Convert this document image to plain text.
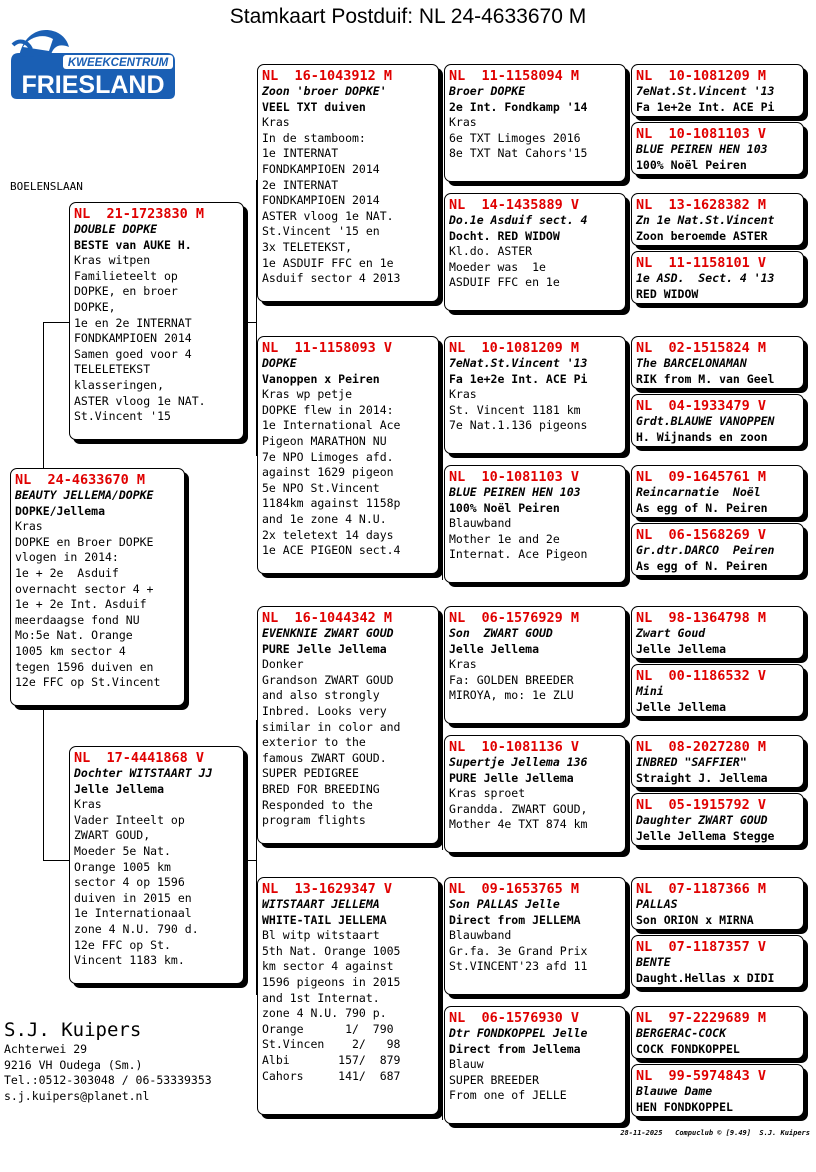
Stamkaart Postduif: NL 24-4633670 M
KWEEKCENTRUM
FRIESLAND
BOELENSLAAN
NL  24-4633670 M
BEAUTY JELLEMA/DOPKE
DOPKE/Jellema
Kras
DOPKE en Broer DOPKE
vlogen in 2014:
1e + 2e  Asduif
overnacht sector 4 +
1e + 2e Int. Asduif
meerdaagse fond NU
Mo:5e Nat. Orange
1005 km sector 4
tegen 1596 duiven en
12e FFC op St.Vincent
NL  21-1723830 M
DOUBLE DOPKE
BESTE van AUKE H.
Kras witpen
Familieteelt op
DOPKE, en broer
DOPKE,
1e en 2e INTERNAT
FONDKAMPIOEN 2014
Samen goed voor 4
TELELETEKST
klasseringen,
ASTER vloog 1e NAT.
St.Vincent '15
NL  17-4441868 V
Dochter WITSTAART JJ
Jelle Jellema
Kras
Vader Inteelt op
ZWART GOUD,
Moeder 5e Nat.
Orange 1005 km
sector 4 op 1596
duiven in 2015 en
1e Internationaal
zone 4 N.U. 790 d.
12e FFC op St.
Vincent 1183 km.
NL  16-1043912 M
Zoon 'broer DOPKE'
VEEL TXT duiven
Kras
In de stamboom:
1e INTERNAT
FONDKAMPIOEN 2014
2e INTERNAT
FONDKAMPIOEN 2014
ASTER vloog 1e NAT.
St.Vincent '15 en
3x TELETEKST,
1e ASDUIF FFC en 1e
Asduif sector 4 2013
NL  11-1158093 V
DOPKE
Vanoppen x Peiren
Kras wp petje
DOPKE flew in 2014:
1e International Ace
Pigeon MARATHON NU
7e NPO Limoges afd.
against 1629 pigeon
5e NPO St.Vincent
1184km against 1158p
and 1e zone 4 N.U.
2x teletext 14 days
1e ACE PIGEON sect.4
NL  16-1044342 M
EVENKNIE ZWART GOUD
PURE Jelle Jellema
Donker
Grandson ZWART GOUD
and also strongly
Inbred. Looks very
similar in color and
exterior to the
famous ZWART GOUD.
SUPER PEDIGREE
BRED FOR BREEDING
Responded to the
program flights
NL  13-1629347 V
WITSTAART JELLEMA
WHITE-TAIL JELLEMA
Bl witp witstaart
5th Nat. Orange 1005
km sector 4 against
1596 pigeons in 2015
and 1st Internat.
zone 4 N.U. 790 p.
Orange      1/  790
St.Vincen    2/   98
Albi       157/  879
Cahors     141/  687
NL  11-1158094 M
Broer DOPKE
2e Int. Fondkamp '14
Kras
6e TXT Limoges 2016
8e TXT Nat Cahors'15
NL  14-1435889 V
Do.1e Asduif sect. 4
Docht. RED WIDOW
Kl.do. ASTER
Moeder was  1e
ASDUIF FFC en 1e
NL  10-1081209 M
7eNat.St.Vincent '13
Fa 1e+2e Int. ACE Pi
Kras
St. Vincent 1181 km
7e Nat.1.136 pigeons
NL  10-1081103 V
BLUE PEIREN HEN 103
100% Noël Peiren
Blauwband
Mother 1e and 2e
Internat. Ace Pigeon
NL  06-1576929 M
Son  ZWART GOUD
Jelle Jellema
Kras
Fa: GOLDEN BREEDER
MIROYA, mo: 1e ZLU
NL  10-1081136 V
Supertje Jellema 136
PURE Jelle Jellema
Kras sproet
Grandda. ZWART GOUD,
Mother 4e TXT 874 km
NL  09-1653765 M
Son PALLAS Jelle
Direct from JELLEMA
Blauwband
Gr.fa. 3e Grand Prix
St.VINCENT'23 afd 11
NL  06-1576930 V
Dtr FONDKOPPEL Jelle
Direct from Jellema
Blauw
SUPER BREEDER
From one of JELLE
NL  10-1081209 M
7eNat.St.Vincent '13
Fa 1e+2e Int. ACE Pi
NL  10-1081103 V
BLUE PEIREN HEN 103
100% Noël Peiren
NL  13-1628382 M
Zn 1e Nat.St.Vincent
Zoon beroemde ASTER
NL  11-1158101 V
1e ASD.  Sect. 4 '13
RED WIDOW
NL  02-1515824 M
The BARCELONAMAN
RIK from M. van Geel
NL  04-1933479 V
Grdt.BLAUWE VANOPPEN
H. Wijnands en zoon
NL  09-1645761 M
Reincarnatie  Noël
As egg of N. Peiren
NL  06-1568269 V
Gr.dtr.DARCO  Peiren
As egg of N. Peiren
NL  98-1364798 M
Zwart Goud
Jelle Jellema
NL  00-1186532 V
Mini
Jelle Jellema
NL  08-2027280 M
INBRED "SAFFIER"
Straight J. Jellema
NL  05-1915792 V
Daughter ZWART GOUD
Jelle Jellema Stegge
NL  07-1187366 M
PALLAS
Son ORION x MIRNA
NL  07-1187357 V
BENTE
Daught.Hellas x DIDI
NL  97-2229689 M
BERGERAC-COCK
COCK FONDKOPPEL
NL  99-5974843 V
Blauwe Dame
HEN FONDKOPPEL
S.J. Kuipers
Achterwei 29
9216 VH Oudega (Sm.)
Tel.:0512-303048 / 06-53339353
s.j.kuipers@planet.nl
28-11-2025   Compuclub © [9.49]  S.J. Kuipers
